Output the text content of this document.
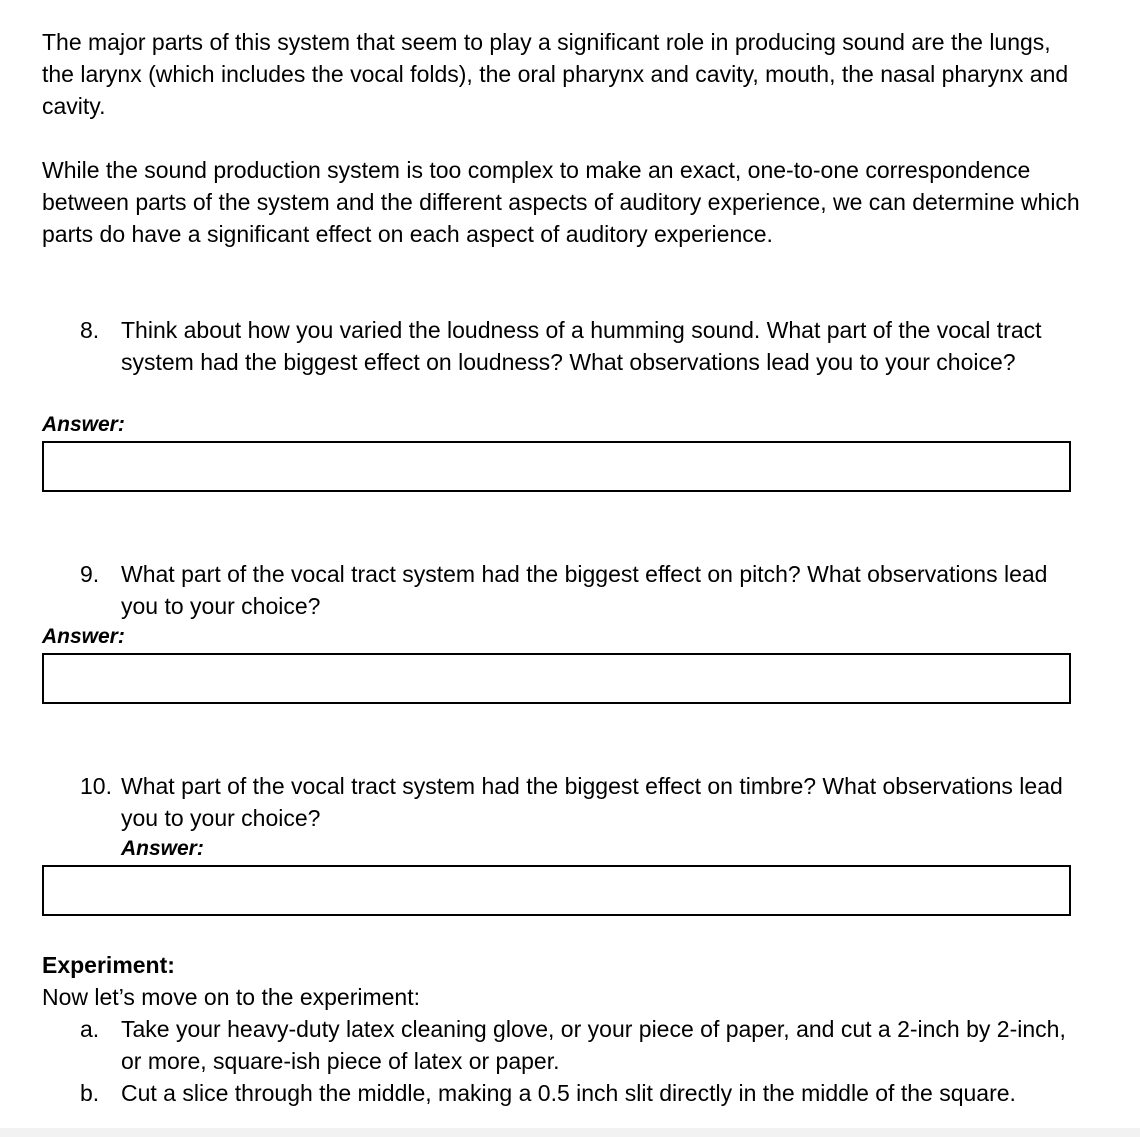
The major parts of this system that seem to play a significant role in producing sound are the lungs, the larynx (which includes the vocal folds), the oral pharynx and cavity, mouth, the nasal pharynx and cavity.

While the sound production system is too complex to make an exact, one-to-one correspondence between parts of the system and the different aspects of auditory experience, we can determine which parts do have a significant effect on each aspect of auditory experience.

8. Think about how you varied the loudness of a humming sound. What part of the vocal tract system had the biggest effect on loudness? What observations lead you to your choice?
Answer:
9. What part of the vocal tract system had the biggest effect on pitch? What observations lead you to your choice?
Answer:
10. What part of the vocal tract system had the biggest effect on timbre? What observations lead you to your choice?
Answer:
Experiment:
Now let’s move on to the experiment:
a. Take your heavy-duty latex cleaning glove, or your piece of paper, and cut a 2-inch by 2-inch, or more, square-ish piece of latex or paper.
b. Cut a slice through the middle, making a 0.5 inch slit directly in the middle of the square.
